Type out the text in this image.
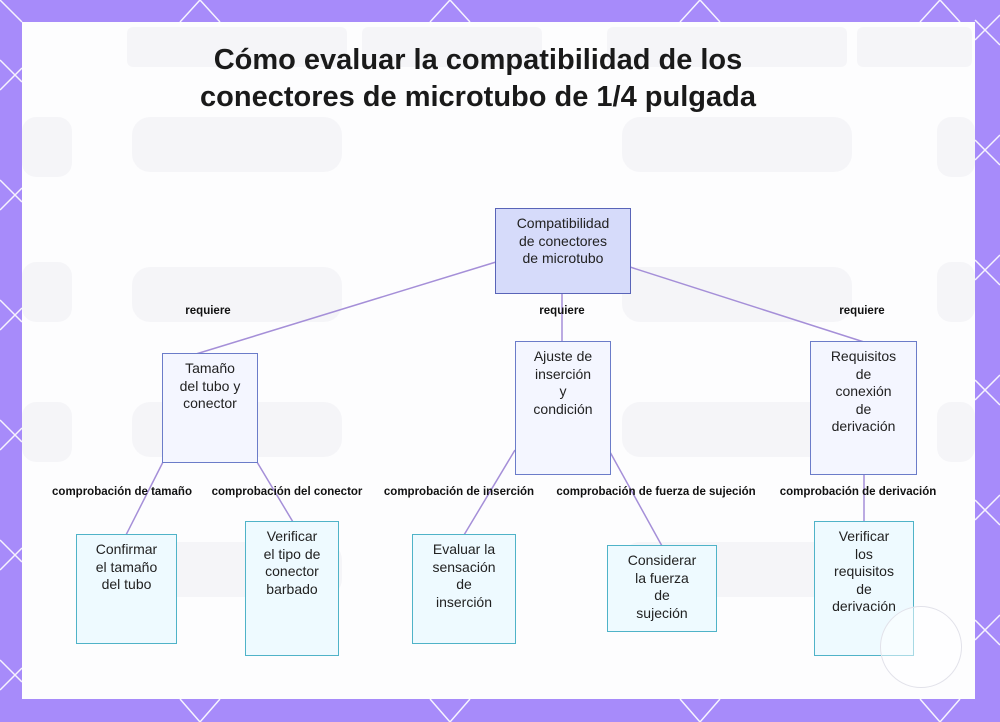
Cómo evaluar la compatibilidad de los conectores de microtubo de 1/4 pulgada
Compatibilidad
de conectores
de microtubo
Tamaño
del tubo y
conector
Ajuste de
inserción
y
condición
Requisitos
de
conexión
de
derivación
Confirmar
el tamaño
del tubo
Verificar
el tipo de
conector
barbado
Evaluar la
sensación
de
inserción
Considerar
la fuerza
de
sujeción
Verificar
los
requisitos
de
derivación
requiere	requiere	requiere
comprobación de tamaño comprobación del conector comprobación de inserción comprobación de fuerza de sujeción comprobación de derivación
